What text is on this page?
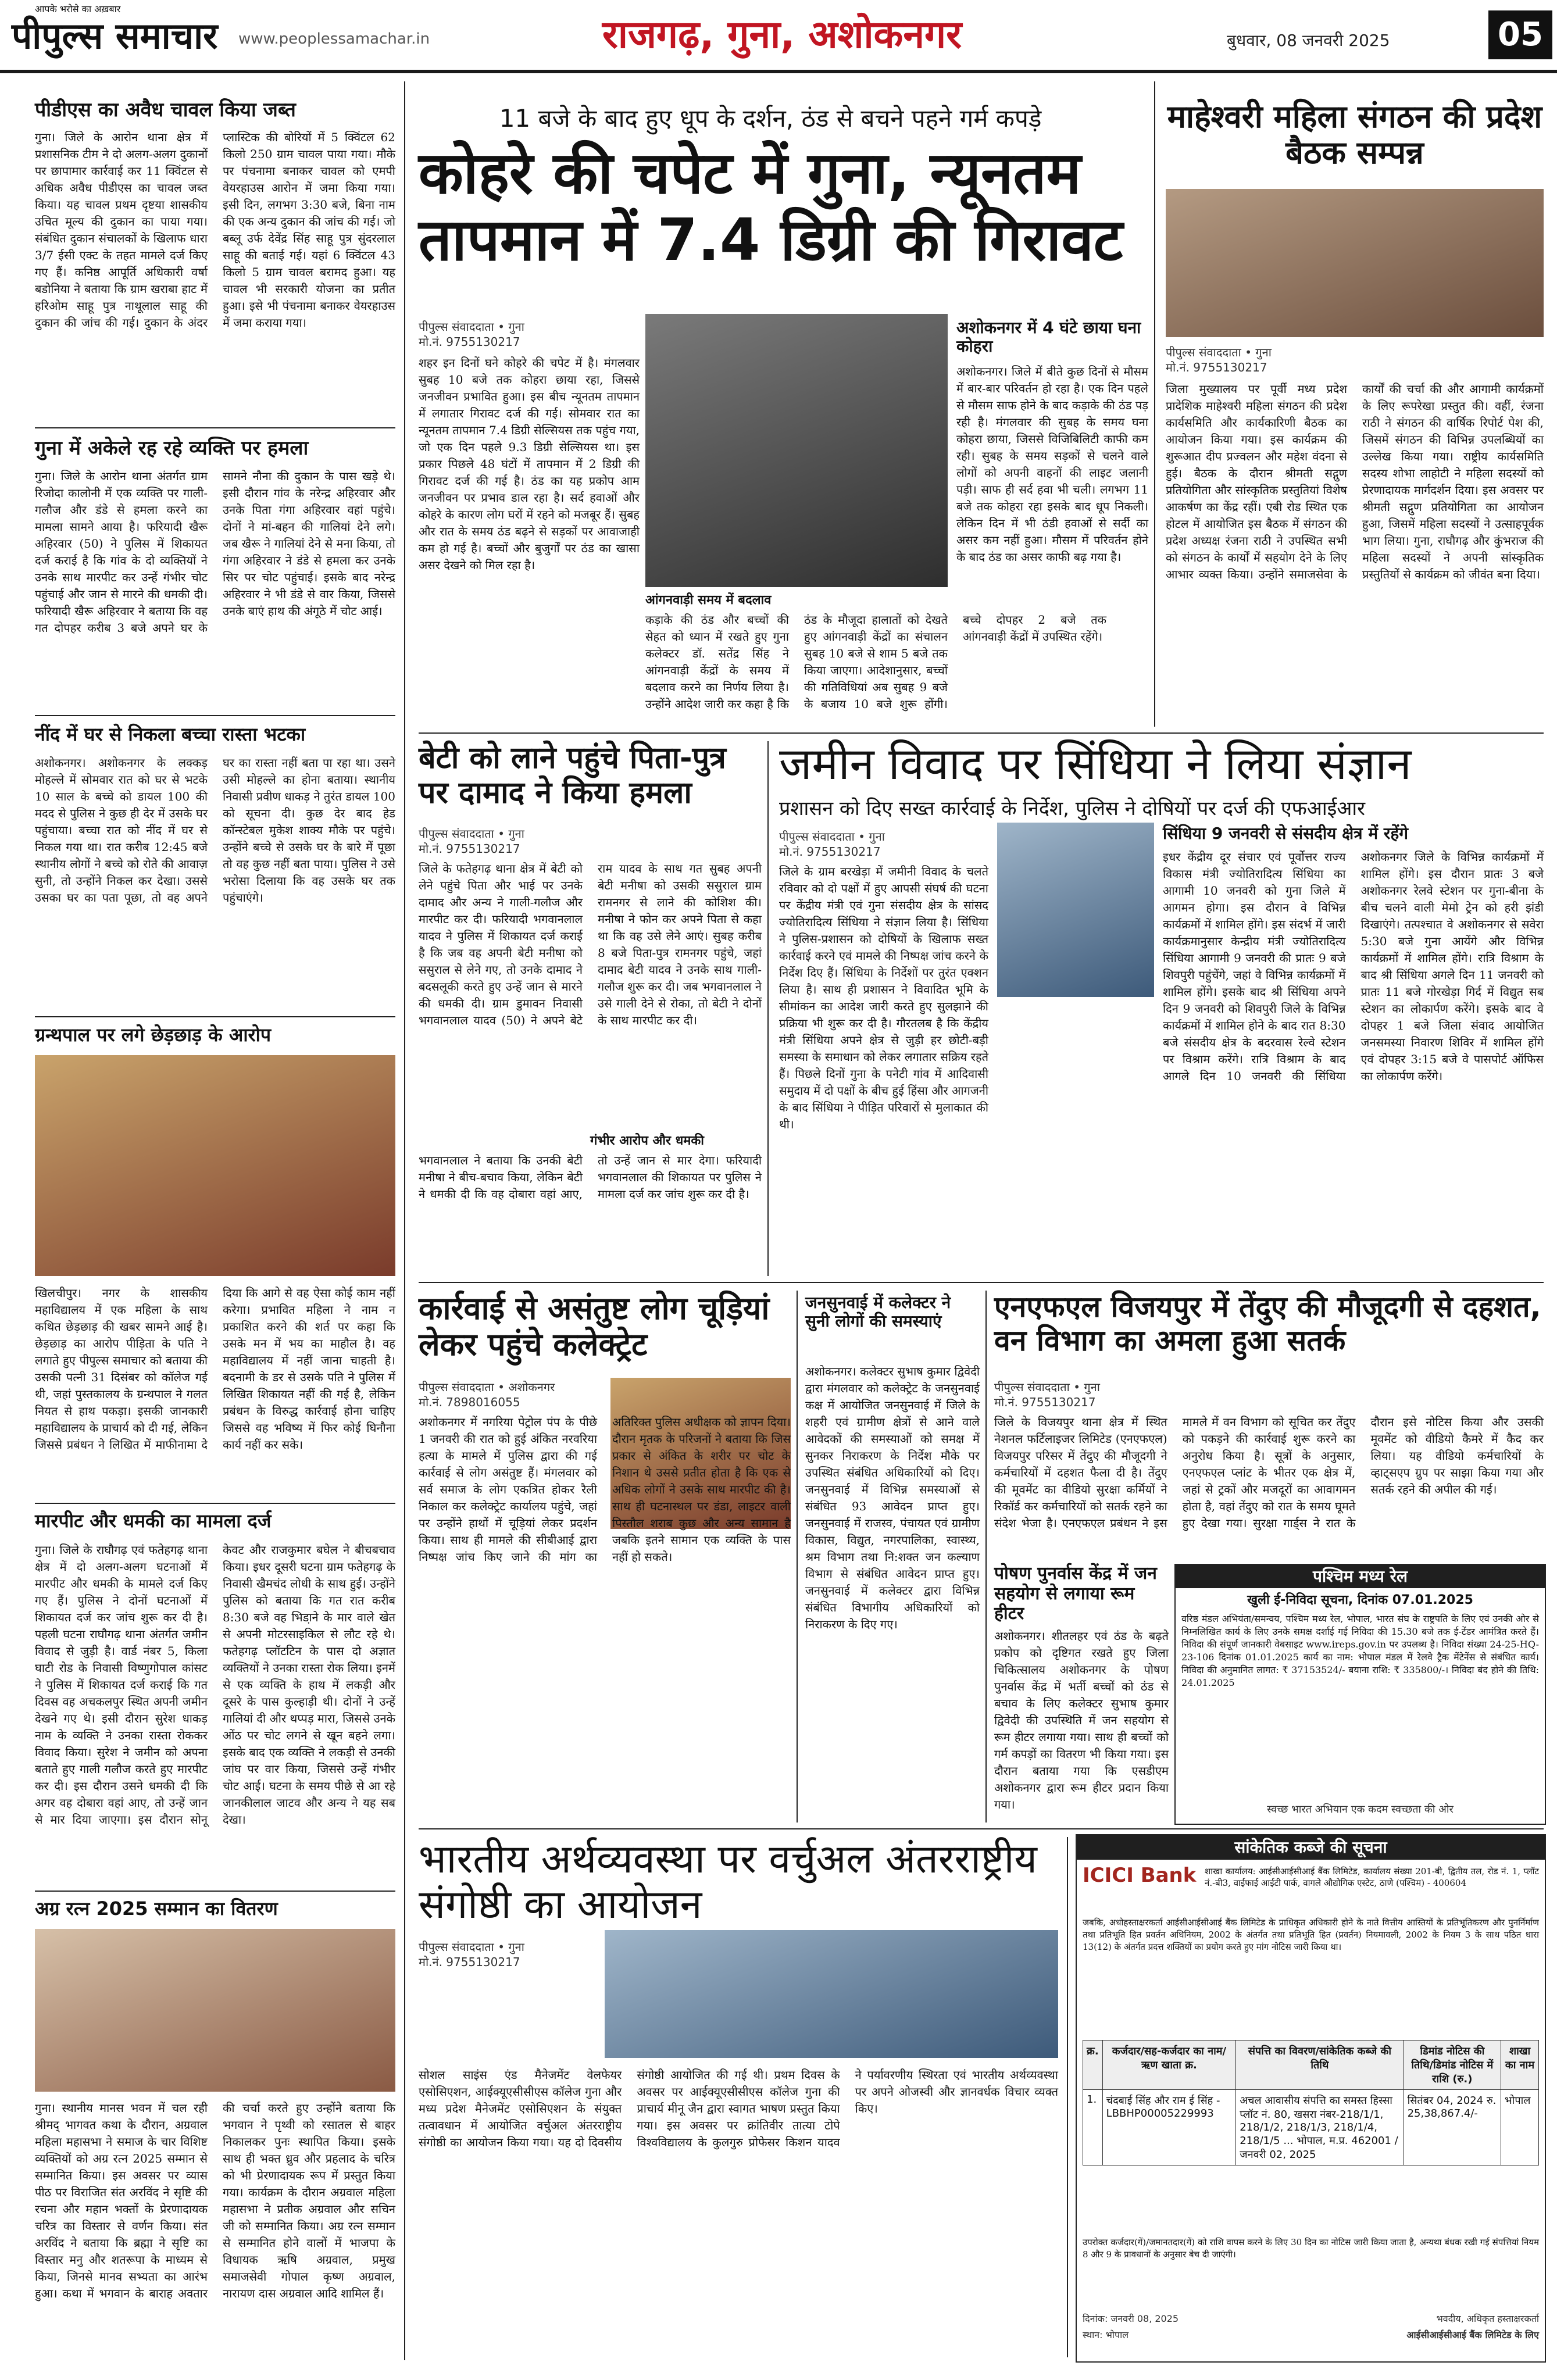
आपके भरोसे का अख़बार
पीपुल्स समाचार www.peoplessamachar.in	राजगढ़, गुना, अशोकनगर	बुधवार, 08 जनवरी 2025	05
पीडीएस का अवैध चावल किया जब्त
गुना। जिले के आरोन थाना क्षेत्र में प्रशासनिक टीम ने दो अलग-अलग दुकानों पर छापामार कार्रवाई कर 11 क्विंटल से अधिक अवैध पीडीएस का चावल जब्त किया। यह चावल प्रथम दृष्टया शासकीय उचित मूल्य की दुकान का पाया गया। संबंधित दुकान संचालकों के खिलाफ धारा 3/7 ईसी एक्ट के तहत मामले दर्ज किए गए हैं। कनिष्ठ आपूर्ति अधिकारी वर्षा बडोनिया ने बताया कि ग्राम खराबा हाट में हरिओम साहू पुत्र नाथूलाल साहू की दुकान की जांच की गई। दुकान के अंदर प्लास्टिक की बोरियों में 5 क्विंटल 62 किलो 250 ग्राम चावल पाया गया। मौके पर पंचनामा बनाकर चावल को एमपी वेयरहाउस आरोन में जमा किया गया। इसी दिन, लगभग 3:30 बजे, बिना नाम की एक अन्य दुकान की जांच की गई। जो बब्लू उर्फ देवेंद्र सिंह साहू पुत्र सुंदरलाल साहू की बताई गई। यहां 6 क्विंटल 43 किलो 5 ग्राम चावल बरामद हुआ। यह चावल भी सरकारी योजना का प्रतीत हुआ। इसे भी पंचनामा बनाकर वेयरहाउस में जमा कराया गया।
गुना में अकेले रह रहे व्यक्ति पर हमला
गुना। जिले के आरोन थाना अंतर्गत ग्राम रिजोदा कालोनी में एक व्यक्ति पर गाली-गलौज और डंडे से हमला करने का मामला सामने आया है। फरियादी खैरू अहिरवार (50) ने पुलिस में शिकायत दर्ज कराई है कि गांव के दो व्यक्तियों ने उनके साथ मारपीट कर उन्हें गंभीर चोट पहुंचाई और जान से मारने की धमकी दी। फरियादी खैरू अहिरवार ने बताया कि वह गत दोपहर करीब 3 बजे अपने घर के सामने नौना की दुकान के पास खड़े थे। इसी दौरान गांव के नरेन्द्र अहिरवार और उनके पिता गंगा अहिरवार वहां पहुंचे। दोनों ने मां-बहन की गालियां देने लगे। जब खैरू ने गालियां देने से मना किया, तो गंगा अहिरवार ने डंडे से हमला कर उनके सिर पर चोट पहुंचाई। इसके बाद नरेन्द्र अहिरवार ने भी डंडे से वार किया, जिससे उनके बाएं हाथ की अंगूठे में चोट आई।
नींद में घर से निकला बच्चा रास्ता भटका
अशोकनगर। अशोकनगर के लक्कड़ मोहल्ले में सोमवार रात को घर से भटके 10 साल के बच्चे को डायल 100 की मदद से पुलिस ने कुछ ही देर में उसके घर पहुंचाया। बच्चा रात को नींद में घर से निकल गया था। रात करीब 12:45 बजे स्थानीय लोगों ने बच्चे को रोते की आवाज़ सुनी, तो उन्होंने निकल कर देखा। उससे उसका घर का पता पूछा, तो वह अपने घर का रास्ता नहीं बता पा रहा था। उसने उसी मोहल्ले का होना बताया। स्थानीय निवासी प्रवीण धाकड़ ने तुरंत डायल 100 को सूचना दी। कुछ देर बाद हेड कॉन्स्टेबल मुकेश शाक्य मौके पर पहुंचे। उन्होंने बच्चे से उसके घर के बारे में पूछा तो वह कुछ नहीं बता पाया। पुलिस ने उसे भरोसा दिलाया कि वह उसके घर तक पहुंचाएंगे।
ग्रन्थपाल पर लगे छेड़छाड़ के आरोप
खिलचीपुर। नगर के शासकीय महाविद्यालय में एक महिला के साथ कथित छेड़छाड़ की खबर सामने आई है। छेड़छाड़ का आरोप पीड़िता के पति ने लगाते हुए पीपुल्स समाचार को बताया की उसकी पत्नी 31 दिसंबर को कॉलेज गई थी, जहां पुस्तकालय के ग्रन्थपाल ने गलत नियत से हाथ पकड़ा। इसकी जानकारी महाविद्यालय के प्राचार्य को दी गई, लेकिन जिससे प्रबंधन ने लिखित में माफीनामा दे दिया कि आगे से वह ऐसा कोई काम नहीं करेगा। प्रभावित महिला ने नाम न प्रकाशित करने की शर्त पर कहा कि उसके मन में भय का माहौल है। वह महाविद्यालय में नहीं जाना चाहती है। बदनामी के डर से उसके पति ने पुलिस में लिखित शिकायत नहीं की गई है, लेकिन प्रबंधन के विरुद्ध कार्रवाई होना चाहिए जिससे वह भविष्य में फिर कोई घिनौना कार्य नहीं कर सके।
मारपीट और धमकी का मामला दर्ज
गुना। जिले के राघौगढ़ एवं फतेहगढ़ थाना क्षेत्र में दो अलग-अलग घटनाओं में मारपीट और धमकी के मामले दर्ज किए गए हैं। पुलिस ने दोनों घटनाओं में शिकायत दर्ज कर जांच शुरू कर दी है। पहली घटना राघौगढ़ थाना अंतर्गत जमीन विवाद से जुड़ी है। वार्ड नंबर 5, किला घाटी रोड के निवासी विष्णुगोपाल कांसट ने पुलिस में शिकायत दर्ज कराई कि गत दिवस वह अचकलपुर स्थित अपनी जमीन देखने गए थे। इसी दौरान सुरेश धाकड़ नाम के व्यक्ति ने उनका रास्ता रोककर विवाद किया। सुरेश ने जमीन को अपना बताते हुए गाली गलौज करते हुए मारपीट कर दी। इस दौरान उसने धमकी दी कि अगर वह दोबारा वहां आए, तो उन्हें जान से मार दिया जाएगा। इस दौरान सोनू केवट और राजकुमार बघेल ने बीचबचाव किया। इधर दूसरी घटना ग्राम फतेहगढ़ के निवासी खैमचंद लोधी के साथ हुई। उन्होंने पुलिस को बताया कि गत रात करीब 8:30 बजे वह भिडा़ने के मार वाले खेत से अपनी मोटरसाइकिल से लौट रहे थे। फतेहगढ़ प्लॉटटिन के पास दो अज्ञात व्यक्तियों ने उनका रास्ता रोक लिया। इनमें से एक व्यक्ति के हाथ में लकड़ी और दूसरे के पास कुल्हाड़ी थी। दोनों ने उन्हें गालियां दी और थप्पड़ मारा, जिससे उनके ओंठ पर चोट लगने से खून बहने लगा। इसके बाद एक व्यक्ति ने लकड़ी से उनकी जांघ पर वार किया, जिससे उन्हें गंभीर चोट आई। घटना के समय पीछे से आ रहे जानकीलाल जाटव और अन्य ने यह सब देखा।
अग्र रत्न 2025 सम्मान का वितरण
गुना। स्थानीय मानस भवन में चल रही श्रीमद् भागवत कथा के दौरान, अग्रवाल महिला महासभा ने समाज के चार विशिष्ट व्यक्तियों को अग्र रत्न 2025 सम्मान से सम्मानित किया। इस अवसर पर व्यास पीठ पर विराजित संत अरविंद ने सृष्टि की रचना और महान भक्तों के प्रेरणादायक चरित्र का विस्तार से वर्णन किया। संत अरविंद ने बताया कि ब्रह्मा ने सृष्टि का विस्तार मनु और शतरूपा के माध्यम से किया, जिनसे मानव सभ्यता का आरंभ हुआ। कथा में भगवान के बाराह अवतार की चर्चा करते हुए उन्होंने बताया कि भगवान ने पृथ्वी को रसातल से बाहर निकालकर पुनः स्थापित किया। इसके साथ ही भक्त ध्रुव और प्रहलाद के चरित्र को भी प्रेरणादायक रूप में प्रस्तुत किया गया। कार्यक्रम के दौरान अग्रवाल महिला महासभा ने प्रतीक अग्रवाल और सचिन जी को सम्मानित किया। अग्र रत्न सम्मान से सम्मानित होने वालों में भाजपा के विधायक ऋषि अग्रवाल, प्रमुख समाजसेवी गोपाल कृष्ण अग्रवाल, नारायण दास अग्रवाल आदि शामिल हैं।
11 बजे के बाद हुए धूप के दर्शन, ठंड से बचने पहने गर्म कपड़े
कोहरे की चपेट में गुना, न्यूनतम तापमान में 7.4 डिग्री की गिरावट
पीपुल्स संवाददाता • गुना
मो.नं. 9755130217
शहर इन दिनों घने कोहरे की चपेट में है। मंगलवार सुबह 10 बजे तक कोहरा छाया रहा, जिससे जनजीवन प्रभावित हुआ। इस बीच न्यूनतम तापमान में लगातार गिरावट दर्ज की गई। सोमवार रात का न्यूनतम तापमान 7.4 डिग्री सेल्सियस तक पहुंच गया, जो एक दिन पहले 9.3 डिग्री सेल्सियस था। इस प्रकार पिछले 48 घंटों में तापमान में 2 डिग्री की गिरावट दर्ज की गई है। ठंड का यह प्रकोप आम जनजीवन पर प्रभाव डाल रहा है। सर्द हवाओं और कोहरे के कारण लोग घरों में रहने को मजबूर हैं। सुबह और रात के समय ठंड बढ़ने से सड़कों पर आवाजाही कम हो गई है। बच्चों और बुजुर्गों पर ठंड का खासा असर देखने को मिल रहा है।
आंगनवाड़ी समय में बदलाव
कड़ाके की ठंड और बच्चों की सेहत को ध्यान में रखते हुए गुना कलेक्टर डॉ. सतेंद्र सिंह ने आंगनवाड़ी केंद्रों के समय में बदलाव करने का निर्णय लिया है। उन्होंने आदेश जारी कर कहा है कि ठंड के मौजूदा हालातों को देखते हुए आंगनवाड़ी केंद्रों का संचालन सुबह 10 बजे से शाम 5 बजे तक किया जाएगा। आदेशानुसार, बच्चों की गतिविधियां अब सुबह 9 बजे के बजाय 10 बजे शुरू होंगी। बच्चे दोपहर 2 बजे तक आंगनवाड़ी केंद्रों में उपस्थित रहेंगे।
अशोकनगर में 4 घंटे छाया घना कोहरा
अशोकनगर। जिले में बीते कुछ दिनों से मौसम में बार-बार परिवर्तन हो रहा है। एक दिन पहले से मौसम साफ होने के बाद कड़ाके की ठंड पड़ रही है। मंगलवार की सुबह के समय घना कोहरा छाया, जिससे विजिबिलिटी काफी कम रही। सुबह के समय सड़कों से चलने वाले लोगों को अपनी वाहनों की लाइट जलानी पड़ी। साफ ही सर्द हवा भी चली। लगभग 11 बजे तक कोहरा रहा इसके बाद धूप निकली। लेकिन दिन में भी ठंडी हवाओं से सर्दी का असर कम नहीं हुआ। मौसम में परिवर्तन होने के बाद ठंड का असर काफी बढ़ गया है।
माहेश्वरी महिला संगठन की प्रदेश बैठक सम्पन्न
पीपुल्स संवाददाता • गुना
मो.नं. 9755130217
जिला मुख्यालय पर पूर्वी मध्य प्रदेश प्रादेशिक माहेश्वरी महिला संगठन की प्रदेश कार्यसमिति और कार्यकारिणी बैठक का आयोजन किया गया। इस कार्यक्रम की शुरूआत दीप प्रज्वलन और महेश वंदना से हुई। बैठक के दौरान श्रीमती सद्गुण प्रतियोगिता और सांस्कृतिक प्रस्तुतियां विशेष आकर्षण का केंद्र रहीं। एबी रोड स्थित एक होटल में आयोजित इस बैठक में संगठन की प्रदेश अध्यक्ष रंजना राठी ने उपस्थित सभी को संगठन के कार्यों में सहयोग देने के लिए आभार व्यक्त किया। उन्होंने समाजसेवा के कार्यों की चर्चा की और आगामी कार्यक्रमों के लिए रूपरेखा प्रस्तुत की। वहीं, रंजना राठी ने संगठन की वार्षिक रिपोर्ट पेश की, जिसमें संगठन की विभिन्न उपलब्धियों का उल्लेख किया गया। राष्ट्रीय कार्यसमिति सदस्य शोभा लाहोटी ने महिला सदस्यों को प्रेरणादायक मार्गदर्शन दिया। इस अवसर पर श्रीमती सद्गुण प्रतियोगिता का आयोजन हुआ, जिसमें महिला सदस्यों ने उत्साहपूर्वक भाग लिया। गुना, राघौगढ़ और कुंभराज की महिला सदस्यों ने अपनी सांस्कृतिक प्रस्तुतियों से कार्यक्रम को जीवंत बना दिया।
बेटी को लाने पहुंचे पिता-पुत्र पर दामाद ने किया हमला
पीपुल्स संवाददाता • गुना
मो.नं. 9755130217
जिले के फतेहगढ़ थाना क्षेत्र में बेटी को लेने पहुंचे पिता और भाई पर उनके दामाद और अन्य ने गाली-गलौज और मारपीट कर दी। फरियादी भगवानलाल यादव ने पुलिस में शिकायत दर्ज कराई है कि जब वह अपनी बेटी मनीषा को ससुराल से लेने गए, तो उनके दामाद ने बदसलूकी करते हुए उन्हें जान से मारने की धमकी दी। ग्राम डुमावन निवासी भगवानलाल यादव (50) ने अपने बेटे राम यादव के साथ गत सुबह अपनी बेटी मनीषा को उसकी ससुराल ग्राम रामनगर से लाने की कोशिश की। मनीषा ने फोन कर अपने पिता से कहा था कि वह उसे लेने आएं। सुबह करीब 8 बजे पिता-पुत्र रामनगर पहुंचे, जहां दामाद बेटी यादव ने उनके साथ गाली-गलौज शुरू कर दी। जब भगवानलाल ने उसे गाली देने से रोका, तो बेटी ने दोनों के साथ मारपीट कर दी।
गंभीर आरोप और धमकी
भगवानलाल ने बताया कि उनकी बेटी मनीषा ने बीच-बचाव किया, लेकिन बेटी ने धमकी दी कि वह दोबारा वहां आए, तो उन्हें जान से मार देगा। फरियादी भगवानलाल की शिकायत पर पुलिस ने मामला दर्ज कर जांच शुरू कर दी है।
जमीन विवाद पर सिंधिया ने लिया संज्ञान
प्रशासन को दिए सख्त कार्रवाई के निर्देश, पुलिस ने दोषियों पर दर्ज की एफआईआर
पीपुल्स संवाददाता • गुना
मो.नं. 9755130217
जिले के ग्राम बरखेड़ा में जमीनी विवाद के चलते रविवार को दो पक्षों में हुए आपसी संघर्ष की घटना पर केंद्रीय मंत्री एवं गुना संसदीय क्षेत्र के सांसद ज्योतिरादित्य सिंधिया ने संज्ञान लिया है। सिंधिया ने पुलिस-प्रशासन को दोषियों के खिलाफ सख्त कार्रवाई करने एवं मामले की निष्पक्ष जांच करने के निर्देश दिए हैं। सिंधिया के निर्देशों पर तुरंत एक्शन लिया है। साथ ही प्रशासन ने विवादित भूमि के सीमांकन का आदेश जारी करते हुए सुलझाने की प्रक्रिया भी शुरू कर दी है। गौरतलब है कि केंद्रीय मंत्री सिंधिया अपने क्षेत्र से जुड़ी हर छोटी-बड़ी समस्या के समाधान को लेकर लगातार सक्रिय रहते हैं। पिछले दिनों गुना के पनेटी गांव में आदिवासी समुदाय में दो पक्षों के बीच हुई हिंसा और आगजनी के बाद सिंधिया ने पीड़ित परिवारों से मुलाकात की थी।
सिंधिया 9 जनवरी से संसदीय क्षेत्र में रहेंगे
इधर केंद्रीय दूर संचार एवं पूर्वोत्तर राज्य विकास मंत्री ज्योतिरादित्य सिंधिया का आगामी 10 जनवरी को गुना जिले में आगमन होगा। इस दौरान वे विभिन्न कार्यक्रमों में शामिल होंगे। इस संदर्भ में जारी कार्यक्रमानुसार केन्द्रीय मंत्री ज्योतिरादित्य सिंधिया आगामी 9 जनवरी की प्रातः 9 बजे शिवपुरी पहुंचेंगे, जहां वे विभिन्न कार्यक्रमों में शामिल होंगे। इसके बाद श्री सिंधिया अपने दिन 9 जनवरी को शिवपुरी जिले के विभिन्न कार्यक्रमों में शामिल होने के बाद रात 8:30 बजे संसदीय क्षेत्र के बदरवास रेल्वे स्टेशन पर विश्राम करेंगे। रात्रि विश्राम के बाद आगले दिन 10 जनवरी की सिंधिया अशोकनगर जिले के विभिन्न कार्यक्रमों में शामिल होंगे। इस दौरान प्रातः 3 बजे अशोकनगर रेलवे स्टेशन पर गुना-बीना के बीच चलने वाली मेमो ट्रेन को हरी झंडी दिखाएंगे। तत्पश्चात वे अशोकनगर से सवेरा 5:30 बजे गुना आयेंगे और विभिन्न कार्यक्रमों में शामिल होंगे। रात्रि विश्राम के बाद श्री सिंधिया अगले दिन 11 जनवरी को प्रातः 11 बजे गोरखेड़ा गिर्द में विद्युत सब स्टेशन का लोकार्पण करेंगे। इसके बाद वे दोपहर 1 बजे जिला संवाद आयोजित जनसमस्या निवारण शिविर में शामिल होंगे एवं दोपहर 3:15 बजे वे पासपोर्ट ऑफिस का लोकार्पण करेंगे।
कार्रवाई से असंतुष्ट लोग चूड़ियां लेकर पहुंचे कलेक्ट्रेट
पीपुल्स संवाददाता • अशोकनगर
मो.नं. 7898016055
अशोकनगर में नगरिया पेट्रोल पंप के पीछे 1 जनवरी की रात को हुई अंकित नरवरिया हत्या के मामले में पुलिस द्वारा की गई कार्रवाई से लोग असंतुष्ट हैं। मंगलवार को सर्व समाज के लोग एकत्रित होकर रैली निकाल कर कलेक्ट्रेट कार्यालय पहुंचे, जहां पर उन्होंने हाथों में चूड़ियां लेकर प्रदर्शन किया। साथ ही मामले की सीबीआई द्वारा निष्पक्ष जांच किए जाने की मांग का अतिरिक्त पुलिस अधीक्षक को ज्ञापन दिया। दौरान मृतक के परिजनों ने बताया कि जिस प्रकार से अंकित के शरीर पर चोट के निशान थे उससे प्रतीत होता है कि एक से अधिक लोगों ने उसके साथ मारपीट की है। साथ ही घटनास्थल पर डंडा, लाइटर वाली पिस्तौल शराब कुछ और अन्य सामान है जबकि इतने सामान एक व्यक्ति के पास नहीं हो सकते।
जनसुनवाई में कलेक्टर ने सुनी लोगों की समस्याएं
अशोकनगर। कलेक्टर सुभाष कुमार द्विवेदी द्वारा मंगलवार को कलेक्ट्रेट के जनसुनवाई कक्ष में आयोजित जनसुनवाई में जिले के शहरी एवं ग्रामीण क्षेत्रों से आने वाले आवेदकों की समस्याओं को समक्ष में सुनकर निराकरण के निर्देश मौके पर उपस्थित संबंधित अधिकारियों को दिए। जनसुनवाई में विभिन्न समस्याओं से संबंधित 93 आवेदन प्राप्त हुए। जनसुनवाई में राजस्व, पंचायत एवं ग्रामीण विकास, विद्युत, नगरपालिका, स्वास्थ्य, श्रम विभाग तथा नि:शक्त जन कल्याण विभाग से संबंधित आवेदन प्राप्त हुए। जनसुनवाई में कलेक्टर द्वारा विभिन्न संबंधित विभागीय अधिकारियों को निराकरण के दिए गए।
एनएफएल विजयपुर में तेंदुए की मौजूदगी से दहशत, वन विभाग का अमला हुआ सतर्क
पीपुल्स संवाददाता • गुना
मो.नं. 9755130217
जिले के विजयपुर थाना क्षेत्र में स्थित नेशनल फर्टिलाइजर लिमिटेड (एनएफएल) विजयपुर परिसर में तेंदुए की मौजूदगी ने कर्मचारियों में दहशत फैला दी है। तेंदुए की मूवमेंट का वीडियो सुरक्षा कर्मियों ने रिकॉर्ड कर कर्मचारियों को सतर्क रहने का संदेश भेजा है। एनएफएल प्रबंधन ने इस मामले में वन विभाग को सूचित कर तेंदुए को पकड़ने की कार्रवाई शुरू करने का अनुरोध किया है। सूत्रों के अनुसार, एनएफएल प्लांट के भीतर एक क्षेत्र में, जहां से ट्रकों और मजदूरों का आवागमन होता है, वहां तेंदुए को रात के समय घूमते हुए देखा गया। सुरक्षा गार्ड्स ने रात के दौरान इसे नोटिस किया और उसकी मूवमेंट को वीडियो कैमरे में कैद कर लिया। यह वीडियो कर्मचारियों के व्हाट्सएप ग्रुप पर साझा किया गया और सतर्क रहने की अपील की गई।
पोषण पुनर्वास केंद्र में जन सहयोग से लगाया रूम हीटर
अशोकनगर। शीतलहर एवं ठंड के बढ़ते प्रकोप को दृष्टिगत रखते हुए जिला चिकित्सालय अशोकनगर के पोषण पुनर्वास केंद्र में भर्ती बच्चों को ठंड से बचाव के लिए कलेक्टर सुभाष कुमार द्विवेदी की उपस्थिति में जन सहयोग से रूम हीटर लगाया गया। साथ ही बच्चों को गर्म कपड़ों का वितरण भी किया गया। इस दौरान बताया गया कि एसडीएम अशोकनगर द्वारा रूम हीटर प्रदान किया गया।
पश्चिम मध्य रेल
खुली ई-निविदा सूचना, दिनांक 07.01.2025
वरिष्ठ मंडल अभियंता/समन्वय, पश्चिम मध्य रेल, भोपाल, भारत संघ के राष्ट्रपति के लिए एवं उनकी ओर से निम्नलिखित कार्य के लिए उनके समक्ष दर्शाई गई निविदा की 15.30 बजे तक ई-टेंडर आमंत्रित करते हैं। निविदा की संपूर्ण जानकारी वेबसाइट www.ireps.gov.in पर उपलब्ध है। निविदा संख्या 24-25-HQ-23-106 दिनांक 01.01.2025 कार्य का नाम: भोपाल मंडल में रेलवे ट्रैक मेंटेनेंस से संबंधित कार्य। निविदा की अनुमानित लागत: ₹ 37153524/- बयाना राशि: ₹ 335800/-। निविदा बंद होने की तिथि: 24.01.2025
स्वच्छ भारत अभियान एक कदम स्वच्छता की ओर
भारतीय अर्थव्यवस्था पर वर्चुअल अंतरराष्ट्रीय संगोष्ठी का आयोजन
पीपुल्स संवाददाता • गुना
मो.नं. 9755130217
सोशल साइंस एंड मैनेजमेंट वेलफेयर एसोसिएशन, आईक्यूएसीसीएस कॉलेज गुना और मध्य प्रदेश मैनेजमेंट एसोसिएशन के संयुक्त तत्वावधान में आयोजित वर्चुअल अंतरराष्ट्रीय संगोष्ठी का आयोजन किया गया। यह दो दिवसीय संगोष्ठी आयोजित की गई थी। प्रथम दिवस के अवसर पर आईक्यूएसीसीएस कॉलेज गुना की प्राचार्य मीनू जैन द्वारा स्वागत भाषण प्रस्तुत किया गया। इस अवसर पर क्रांतिवीर तात्या टोपे विश्वविद्यालय के कुलगुरु प्रोफेसर किशन यादव ने पर्यावरणीय स्थिरता एवं भारतीय अर्थव्यवस्था पर अपने ओजस्वी और ज्ञानवर्धक विचार व्यक्त किए।
सांकेतिक कब्जे की सूचना
ICICI Bank शाखा कार्यालय: आईसीआईसीआई बैंक लिमिटेड, कार्यालय संख्या 201-बी, द्वितीय तल, रोड नं. 1, प्लॉट नं.-बी3, वाईफाई आईटी पार्क, वागले औद्योगिक एस्टेट, ठाणे (पश्चिम) - 400604
जबकि, अधोहस्ताक्षरकर्ता आईसीआईसीआई बैंक लिमिटेड के प्राधिकृत अधिकारी होने के नाते वित्तीय आस्तियों के प्रतिभूतिकरण और पुनर्निर्माण तथा प्रतिभूति हित प्रवर्तन अधिनियम, 2002 के अंतर्गत तथा प्रतिभूति हित (प्रवर्तन) नियमावली, 2002 के नियम 3 के साथ पठित धारा 13(12) के अंतर्गत प्रदत्त शक्तियों का प्रयोग करते हुए मांग नोटिस जारी किया था।
क्र.	कर्जदार/सह-कर्जदार का नाम/ऋण खाता क्र.	संपत्ति का विवरण/सांकेतिक कब्जे की तिथि	डिमांड नोटिस की तिथि/डिमांड नोटिस में राशि (रु.)	शाखा का नाम
1.	चंदबाई सिंह और राम ई सिंह - LBBHP00005229993	अचल आवासीय संपत्ति का समस्त हिस्सा प्लॉट नं. 80, खसरा नंबर-218/1/1, 218/1/2, 218/1/3, 218/1/4, 218/1/5 ... भोपाल, म.प्र. 462001 / जनवरी 02, 2025	सितंबर 04, 2024 रु. 25,38,867.4/-	भोपाल
उपरोक्त कर्जदार(गें)/जमानतदार(गें) को राशि वापस करने के लिए 30 दिन का नोटिस जारी किया जाता है, अन्यथा बंधक रखी गई संपत्तियां नियम 8 और 9 के प्रावधानों के अनुसार बेच दी जाएंगी।
दिनांक: जनवरी 08, 2025
स्थान: भोपाल
भवदीय, अधिकृत हस्ताक्षरकर्ता
आईसीआईसीआई बैंक लिमिटेड के लिए
